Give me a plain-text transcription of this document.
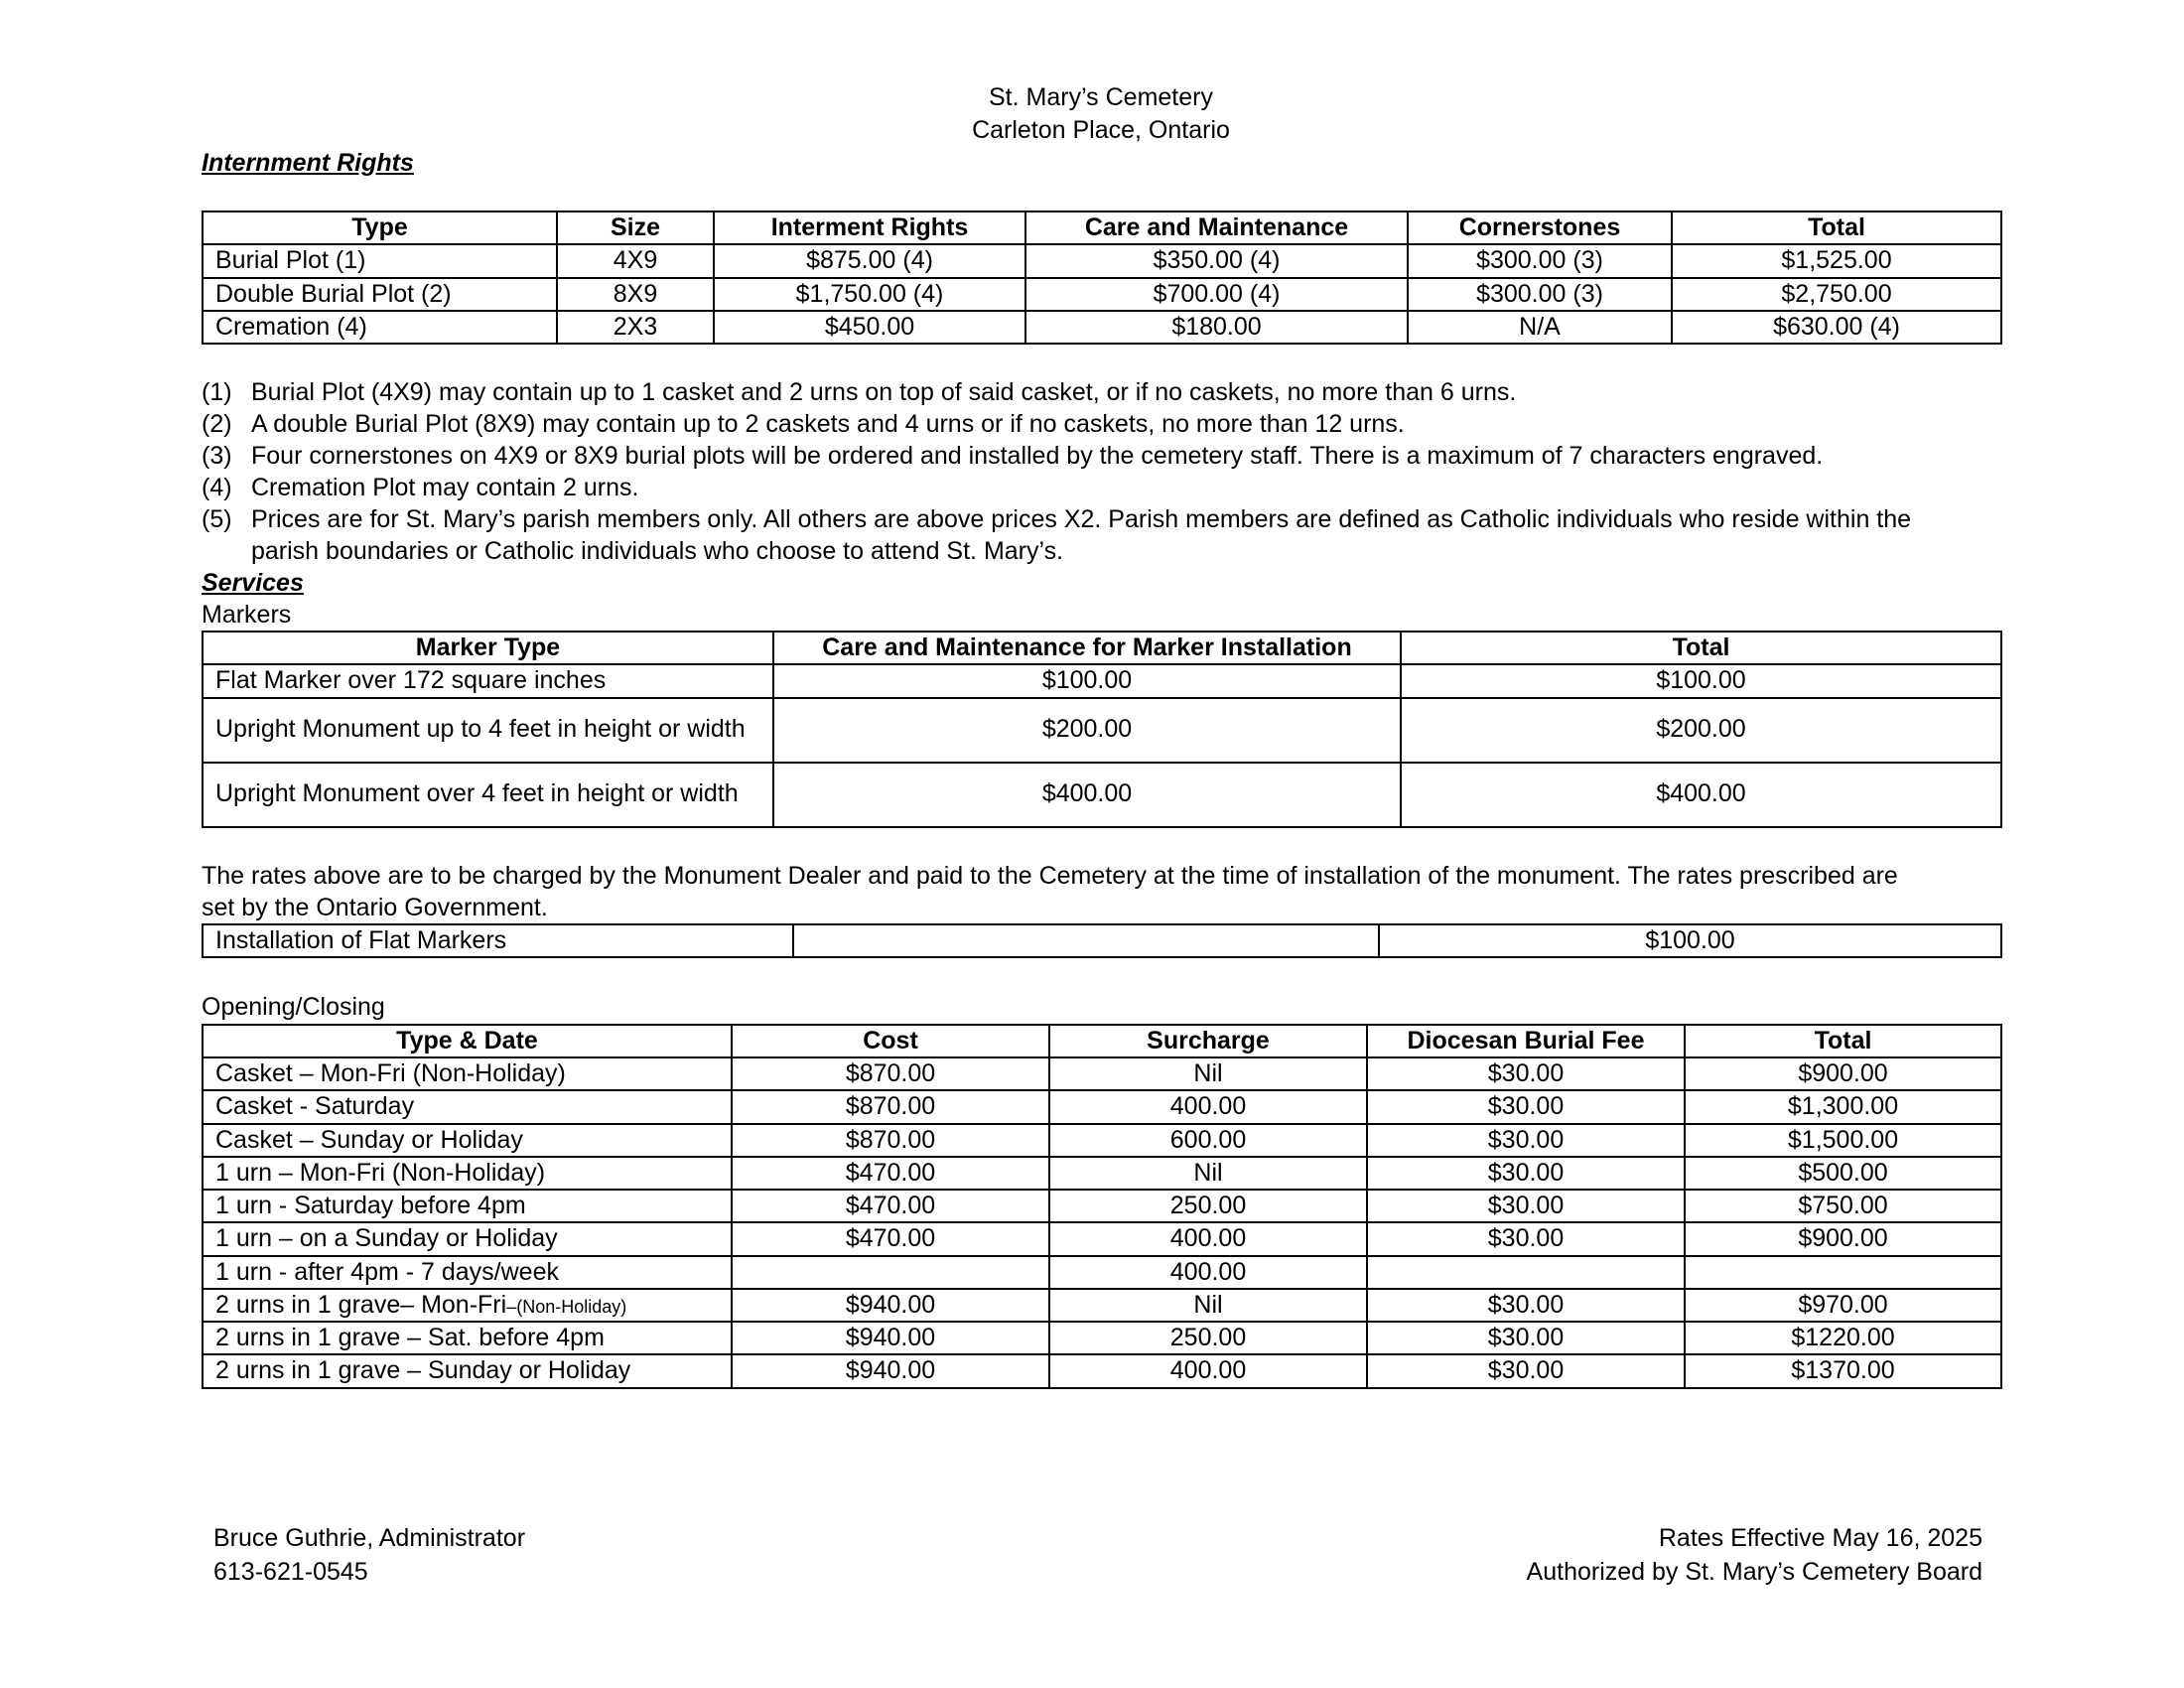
St. Mary’s Cemetery
Carleton Place, Ontario
Internment Rights
Type	Size	Interment Rights	Care and Maintenance	Cornerstones	Total
Burial Plot (1)	4X9	$875.00 (4)	$350.00 (4)	$300.00 (3)	$1,525.00
Double Burial Plot (2)	8X9	$1,750.00 (4)	$700.00 (4)	$300.00 (3)	$2,750.00
Cremation (4)	2X3	$450.00	$180.00	N/A	$630.00 (4)
(1) Burial Plot (4X9) may contain up to 1 casket and 2 urns on top of said casket, or if no caskets, no more than 6 urns.
(2) A double Burial Plot (8X9) may contain up to 2 caskets and 4 urns or if no caskets, no more than 12 urns.
(3) Four cornerstones on 4X9 or 8X9 burial plots will be ordered and installed by the cemetery staff. There is a maximum of 7 characters engraved.
(4) Cremation Plot may contain 2 urns.
(5) Prices are for St. Mary’s parish members only. All others are above prices X2. Parish members are defined as Catholic individuals who reside within the parish boundaries or Catholic individuals who choose to attend St. Mary’s.
Services
Markers
Marker Type	Care and Maintenance for Marker Installation	Total
Flat Marker over 172 square inches	$100.00	$100.00
Upright Monument up to 4 feet in height or width	$200.00	$200.00
Upright Monument over 4 feet in height or width	$400.00	$400.00
The rates above are to be charged by the Monument Dealer and paid to the Cemetery at the time of installation of the monument. The rates prescribed are set by the Ontario Government.
Installation of Flat Markers		$100.00
Opening/Closing
Type & Date	Cost	Surcharge	Diocesan Burial Fee	Total
Casket – Mon-Fri (Non-Holiday)	$870.00	Nil	$30.00	$900.00
Casket - Saturday	$870.00	400.00	$30.00	$1,300.00
Casket – Sunday or Holiday	$870.00	600.00	$30.00	$1,500.00
1 urn – Mon-Fri (Non-Holiday)	$470.00	Nil	$30.00	$500.00
1 urn - Saturday before 4pm	$470.00	250.00	$30.00	$750.00
1 urn – on a Sunday or Holiday	$470.00	400.00	$30.00	$900.00
1 urn - after 4pm - 7 days/week		400.00		
2 urns in 1 grave– Mon-Fri–(Non-Holiday)	$940.00	Nil	$30.00	$970.00
2 urns in 1 grave – Sat. before 4pm	$940.00	250.00	$30.00	$1220.00
2 urns in 1 grave – Sunday or Holiday	$940.00	400.00	$30.00	$1370.00
Bruce Guthrie, Administrator
613-621-0545
Rates Effective May 16, 2025
Authorized by St. Mary’s Cemetery Board
